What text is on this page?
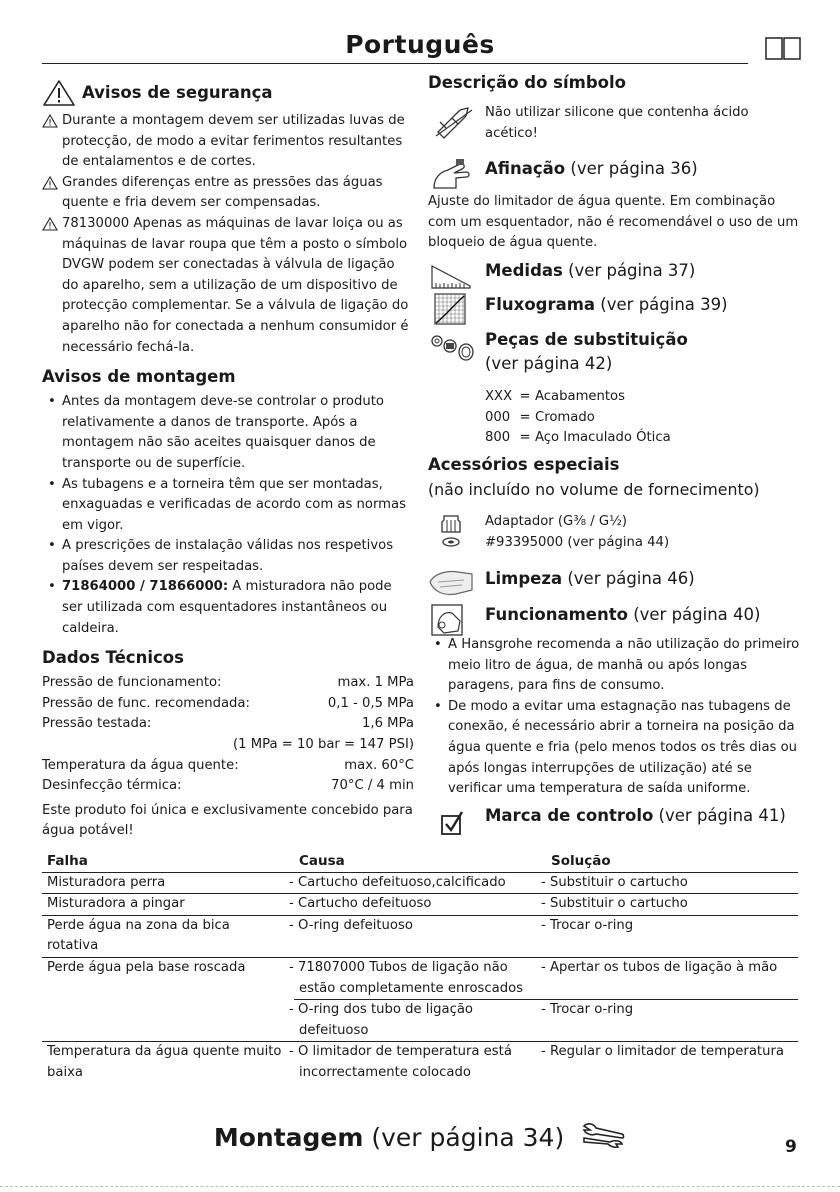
Português
Avisos de segurança
Durante a montagem devem ser utilizadas luvas de protecção, de modo a evitar ferimentos resultantes de entalamentos e de cortes.
Grandes diferenças entre as pressões das águas quente e fria devem ser compensadas.
78130000 Apenas as máquinas de lavar loiça ou as máquinas de lavar roupa que têm a posto o símbolo DVGW podem ser conectadas à válvula de ligação do aparelho, sem a utilização de um dispositivo de protecção complementar. Se a válvula de ligação do aparelho não for conectada a nenhum consumidor é necessário fechá-la.
Avisos de montagem
• Antes da montagem deve-se controlar o produto relativamente a danos de transporte. Após a montagem não são aceites quaisquer danos de transporte ou de superfície.
• As tubagens e a torneira têm que ser montadas, enxaguadas e verificadas de acordo com as normas em vigor.
• A prescrições de instalação válidas nos respetivos países devem ser respeitadas.
• 71864000 / 71866000: A misturadora não pode ser utilizada com esquentadores instantâneos ou caldeira.
Dados Técnicos
Pressão de funcionamento:	max. 1 MPa
Pressão de func. recomendada:	0,1 - 0,5 MPa
Pressão testada:	1,6 MPa
(1 MPa = 10 bar = 147 PSI)
Temperatura da água quente:	max. 60°C
Desinfecção térmica:	70°C / 4 min
Este produto foi única e exclusivamente concebido para água potável!
Descrição do símbolo
Não utilizar silicone que contenha ácido acético!
Afinação (ver página 36)
Ajuste do limitador de água quente. Em combinação com um esquentador, não é recomendável o uso de um bloqueio de água quente.
Medidas (ver página 37)
Fluxograma (ver página 39)
Peças de substituição
(ver página 42)
XXX = Acabamentos
000 = Cromado
800 = Aço Imaculado Ótica
Acessórios especiais
(não incluído no volume de fornecimento)
Adaptador (G⅜ / G½)
#93395000 (ver página 44)
Limpeza (ver página 46)
Funcionamento (ver página 40)
• A Hansgrohe recomenda a não utilização do primeiro meio litro de água, de manhã ou após longas paragens, para fins de consumo.
• De modo a evitar uma estagnação nas tubagens de conexão, é necessário abrir a torneira na posição da água quente e fria (pelo menos todos os três dias ou após longas interrupções de utilização) até se verificar uma temperatura de saída uniforme.
Marca de controlo (ver página 41)
Falha	Causa	Solução
Misturadora perra	- Cartucho defeituoso,calcificado	- Substituir o cartucho
Misturadora a pingar	- Cartucho defeituoso	- Substituir o cartucho
Perde água na zona da bica rotativa	- O-ring defeituoso	- Trocar o-ring
Perde água pela base roscada	- 71807000 Tubos de ligação não estão completamente enroscados	- Apertar os tubos de ligação à mão
	- O-ring dos tubo de ligação defeituoso	- Trocar o-ring
Temperatura da água quente muito baixa	- O limitador de temperatura está incorrectamente colocado	- Regular o limitador de temperatura
Montagem (ver página 34)	9
